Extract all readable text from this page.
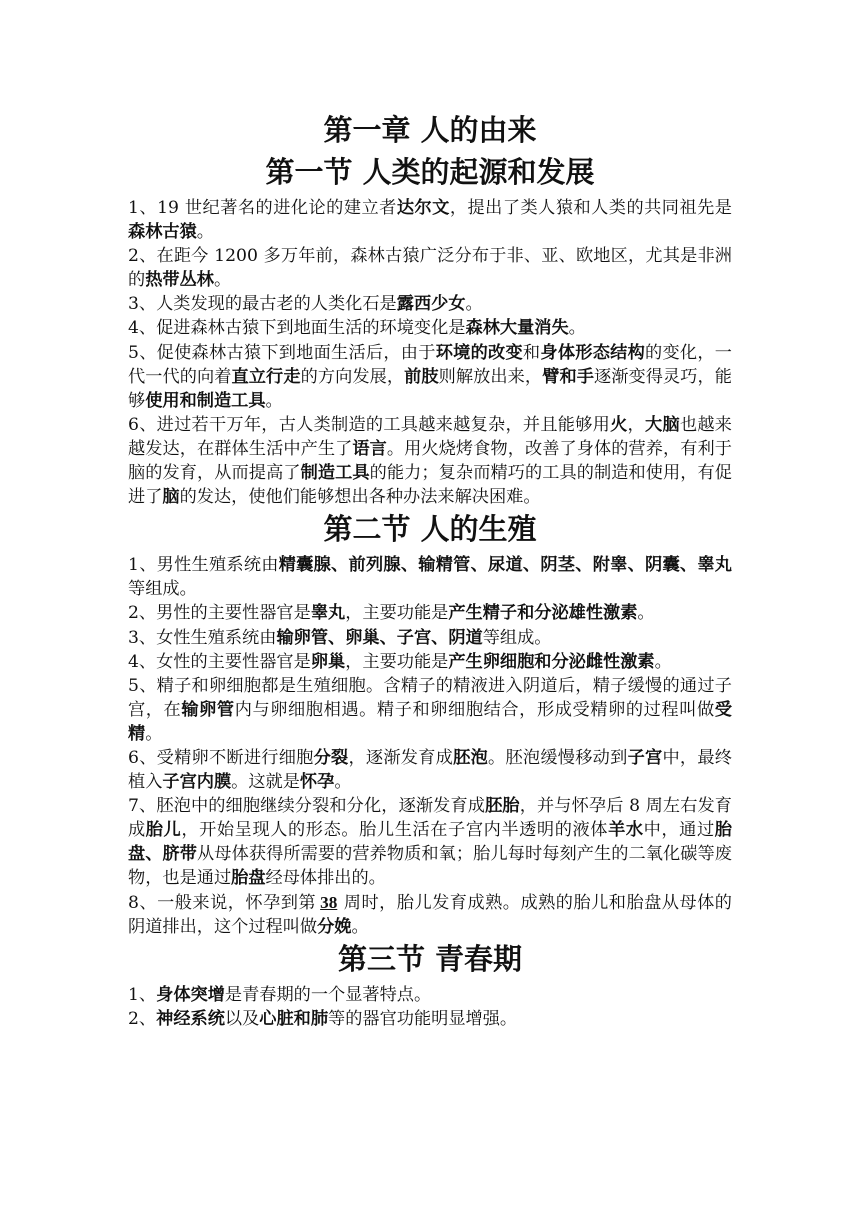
第一章 人的由来
第一节 人类的起源和发展

1、19 世纪著名的进化论的建立者达尔文，提出了类人猿和人类的共同祖先是森林古猿。

2、在距今 1200 多万年前，森林古猿广泛分布于非、亚、欧地区，尤其是非洲的热带丛林。

3、人类发现的最古老的人类化石是露西少女。

4、促进森林古猿下到地面生活的环境变化是森林大量消失。

5、促使森林古猿下到地面生活后，由于环境的改变和身体形态结构的变化，一代一代的向着直立行走的方向发展，前肢则解放出来，臂和手逐渐变得灵巧，能够使用和制造工具。

6、进过若干万年，古人类制造的工具越来越复杂，并且能够用火，大脑也越来越发达，在群体生活中产生了语言。用火烧烤食物，改善了身体的营养，有利于脑的发育，从而提高了制造工具的能力；复杂而精巧的工具的制造和使用，有促进了脑的发达，使他们能够想出各种办法来解决困难。

第二节 人的生殖

1、男性生殖系统由精囊腺、前列腺、输精管、尿道、阴茎、附睾、阴囊、睾丸等组成。

2、男性的主要性器官是睾丸，主要功能是产生精子和分泌雄性激素。

3、女性生殖系统由输卵管、卵巢、子宫、阴道等组成。

4、女性的主要性器官是卵巢，主要功能是产生卵细胞和分泌雌性激素。

5、精子和卵细胞都是生殖细胞。含精子的精液进入阴道后，精子缓慢的通过子宫，在输卵管内与卵细胞相遇。精子和卵细胞结合，形成受精卵的过程叫做受精。

6、受精卵不断进行细胞分裂，逐渐发育成胚泡。胚泡缓慢移动到子宫中，最终植入子宫内膜。这就是怀孕。

7、胚泡中的细胞继续分裂和分化，逐渐发育成胚胎，并与怀孕后 8 周左右发育成胎儿，开始呈现人的形态。胎儿生活在子宫内半透明的液体羊水中，通过胎盘、脐带从母体获得所需要的营养物质和氧；胎儿每时每刻产生的二氧化碳等废物，也是通过胎盘经母体排出的。

8、一般来说，怀孕到第 38 周时，胎儿发育成熟。成熟的胎儿和胎盘从母体的阴道排出，这个过程叫做分娩。

第三节 青春期

1、身体突增是青春期的一个显著特点。

2、神经系统以及心脏和肺等的器官功能明显增强。
